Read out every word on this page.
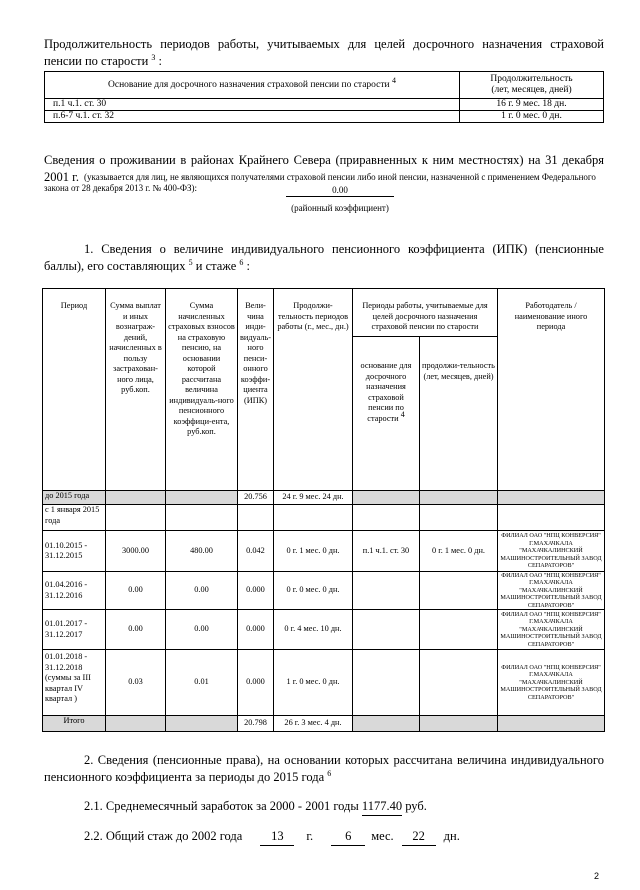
Продолжительность периодов работы, учитываемых для целей досрочного назначения страховой пенсии по старости $^3$ :

Основание для досрочного назначения страховой пенсии по старости $^4$	Продолжительность
(лет, месяцев, дней)
п.1 ч.1. ст. 30	16 г. 9 мес. 18 дн.
п.6-7 ч.1. ст. 32	1 г. 0 мес. 0 дн.

Сведения о проживании в районах Крайнего Севера (приравненных к ним местностях) на 31 декабря 2001 г. (указывается для лиц, не являющихся получателями страховой пенсии либо иной пенсии, назначенной с применением Федерального закона от 28 декабря 2013 г. № 400-ФЗ):	0.00
(районный коэффициент)

1. Сведения о величине индивидуального пенсионного коэффициента (ИПК) (пенсионные баллы), его составляющих $^5$ и стаже $^6$ :

Период	Сумма выплат и иных вознаграж-дений, начисленных в пользу застрахован-ного лица, руб.коп.	Сумма начисленных страховых взносов на страховую пенсию, на основании которой рассчитана величина индивидуаль-ного пенсионного коэффици-ента, руб.коп.	Вели-чина инди-видуаль-ного пенси-онного коэффи-циента (ИПК)	Продолжи-тельность периодов работы (г., мес., дн.)	Периоды работы, учитываемые для целей досрочного назначения страховой пенсии по старости		Работодатель / наименование иного периода
					основание для досрочного назначения страховой пенсии по старости $^4$	продолжи-тельность (лет, месяцев, дней)	
до 2015 года			20.756	24 г. 9 мес. 24 дн.			
с 1 января 2015 года							
01.10.2015 - 31.12.2015	3000.00	480.00	0.042	0 г. 1 мес. 0 дн.	п.1 ч.1. ст. 30	0 г. 1 мес. 0 дн.	ФИЛИАЛ ОАО "НПЦ КОНВЕРСИЯ" Г.МАХАЧКАЛА "МАХАЧКАЛИНСКИЙ МАШИНОСТРОИТЕЛЬНЫЙ ЗАВОД СЕПАРАТОРОВ"
01.04.2016 - 31.12.2016	0.00	0.00	0.000	0 г. 0 мес. 0 дн.			ФИЛИАЛ ОАО "НПЦ КОНВЕРСИЯ" Г.МАХАЧКАЛА "МАХАЧКАЛИНСКИЙ МАШИНОСТРОИТЕЛЬНЫЙ ЗАВОД СЕПАРАТОРОВ"
01.01.2017 - 31.12.2017	0.00	0.00	0.000	0 г. 4 мес. 10 дн.			ФИЛИАЛ ОАО "НПЦ КОНВЕРСИЯ" Г.МАХАЧКАЛА "МАХАЧКАЛИНСКИЙ МАШИНОСТРОИТЕЛЬНЫЙ ЗАВОД СЕПАРАТОРОВ"
01.01.2018 - 31.12.2018
(суммы за III квартал IV квартал )	0.03	0.01	0.000	1 г. 0 мес. 0 дн.			ФИЛИАЛ ОАО "НПЦ КОНВЕРСИЯ" Г.МАХАЧКАЛА "МАХАЧКАЛИНСКИЙ МАШИНОСТРОИТЕЛЬНЫЙ ЗАВОД СЕПАРАТОРОВ"
Итого			20.798	26 г. 3 мес. 4 дн.			

2. Сведения (пенсионные права), на основании которых рассчитана величина индивидуального пенсионного коэффициента за периоды до 2015 года $^6$

2.1. Среднемесячный заработок за 2000 - 2001 годы 1177.40 руб.

2.2. Общий стаж до 2002 года 13 г.	6 мес. 22 дн.

2
